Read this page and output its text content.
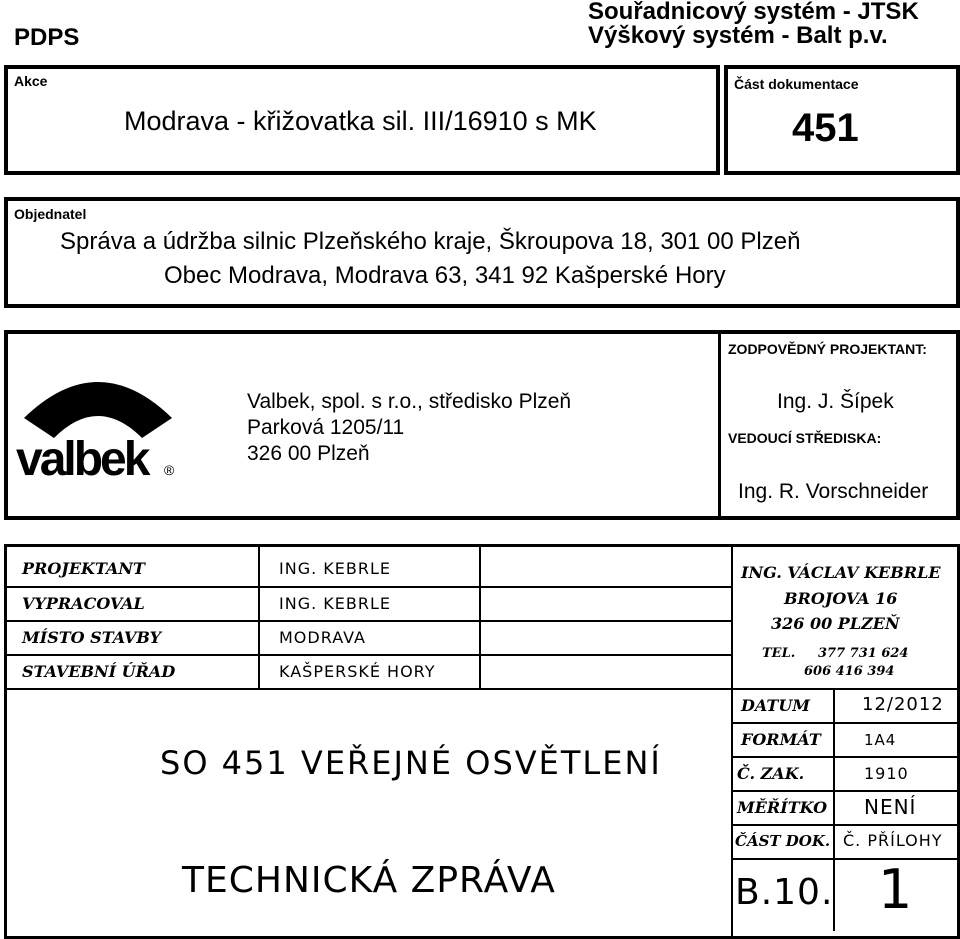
PDPS
Souřadnicový systém - JTSK
Výškový systém - Balt p.v.
Akce
Modrava - křižovatka sil. III/16910 s MK
Část dokumentace
451
Objednatel
Správa a údržba silnic Plzeňského kraje, Škroupova 18, 301 00 Plzeň
Obec Modrava, Modrava 63, 341 92 Kašperské Hory
valbek ®
Valbek, spol. s r.o., středisko Plzeň
Parková 1205/11
326 00 Plzeň
ZODPOVĚDNÝ PROJEKTANT:
Ing. J. Šípek
VEDOUCÍ STŘEDISKA:
Ing. R. Vorschneider
PROJEKTANT	ING. KEBRLE
VYPRACOVAL	ING. KEBRLE
MÍSTO STAVBY	MODRAVA
STAVEBNÍ ÚŘAD	KAŠPERSKÉ HORY
ING. VÁCLAV KEBRLE
BROJOVA 16
326 00 PLZEŇ
TEL. 377 731 624
606 416 394
DATUM	12/2012
FORMÁT	1A4
Č. ZAK.	1910
MĚŘÍTKO NENÍ
ČÁST DOK. Č. PŘÍLOHY
B.10. 1
SO 451 VEŘEJNÉ OSVĚTLENÍ
TECHNICKÁ ZPRÁVA
